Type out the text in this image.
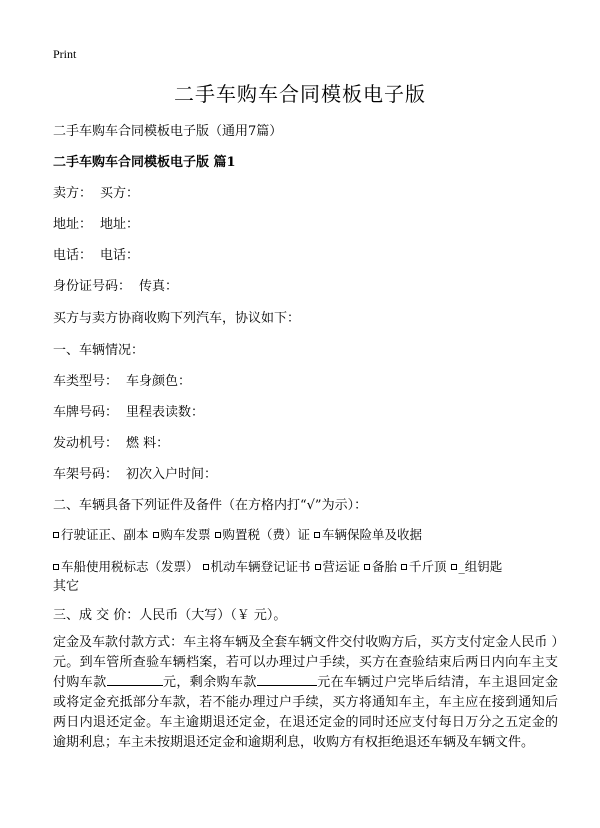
Print
二手车购车合同模板电子版
二手车购车合同模板电子版（通用7篇）
二手车购车合同模板电子版 篇1
卖方： 买方：
地址： 地址：
电话： 电话：
身份证号码： 传真：
买方与卖方协商收购下列汽车，协议如下：
一、车辆情况：
车类型号： 车身颜色：
车牌号码： 里程表读数：
发动机号： 燃 料：
车架号码： 初次入户时间：
二、车辆具备下列证件及备件（在方格内打“√”为示）：
行驶证正、副本 购车发票 购置税（费）证 车辆保险单及收据
车船使用税标志（发票） 机动车辆登记证书 营运证 备胎 千斤顶 _组钥匙
其它
三、成 交 价：人民币（大写）（￥ 元）。
定金及车款付款方式：车主将车辆及全套车辆文件交付收购方后，买方支付定金人民币 ）元。到车管所查验车辆档案，若可以办理过户手续，买方在查验结束后两日内向车主支付购车款	元，剩余购车款	元在车辆过户完毕后结清，车主退回定金或将定金充抵部分车款，若不能办理过户手续，买方将通知车主，车主应在接到通知后两日内退还定金。车主逾期退还定金，在退还定金的同时还应支付每日万分之五定金的逾期利息；车主未按期退还定金和逾期利息，收购方有权拒绝退还车辆及车辆文件。
